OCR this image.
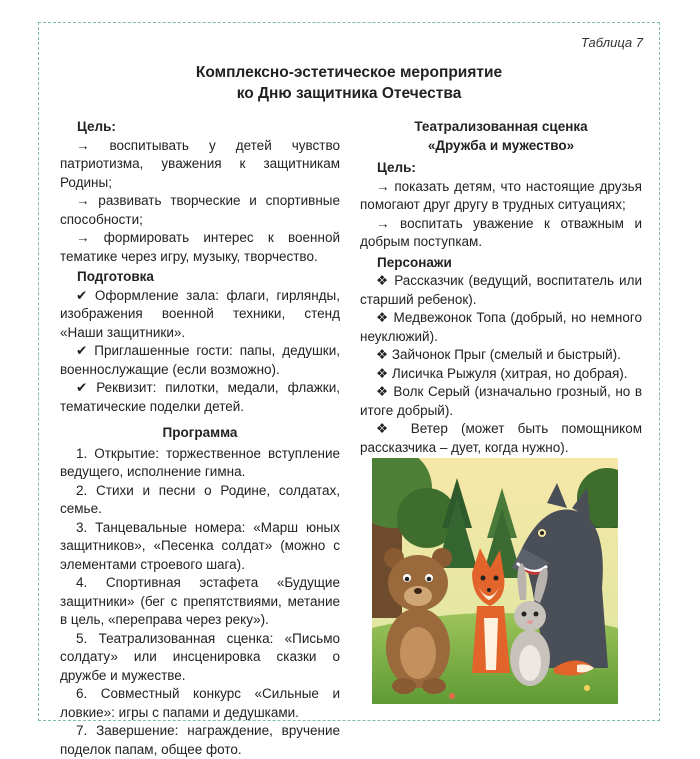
Таблица 7
Комплексно-эстетическое мероприятие
ко Дню защитника Отечества
Цель:

→ воспитывать у детей чувство патриотизма, уважения к защитникам Родины;

→ развивать творческие и спортивные способности;

→ формировать интерес к военной тематике через игру, музыку, творчество.

Подготовка

✔ Оформление зала: флаги, гирлянды, изображения военной техники, стенд «Наши защитники».

✔ Приглашенные гости: папы, дедушки, военнослужащие (если возможно).

✔ Реквизит: пилотки, медали, флажки, тематические поделки детей.

Программа

1. Открытие: торжественное вступление ведущего, исполнение гимна.

2. Стихи и песни о Родине, солдатах, семье.

3. Танцевальные номера: «Марш юных защитников», «Песенка солдат» (можно с элементами строевого шага).

4. Спортивная эстафета «Будущие защитники» (бег с препятствиями, метание в цель, «переправа через реку»).

5. Театрализованная сценка: «Письмо солдату» или инсценировка сказки о дружбе и мужестве.

6. Совместный конкурс «Сильные и ловкие»: игры с папами и дедушками.

7. Завершение: награждение, вручение поделок папам, общее фото.

Театрализованная сценка
«Дружба и мужество»
Цель:

→ показать детям, что настоящие друзья помогают друг другу в трудных ситуациях;

→ воспитать уважение к отважным и добрым поступкам.

Персонажи

❖ Рассказчик (ведущий, воспитатель или старший ребенок).

❖ Медвежонок Топа (добрый, но немного неуклюжий).

❖ Зайчонок Прыг (смелый и быстрый).

❖ Лисичка Рыжуля (хитрая, но добрая).

❖ Волк Серый (изначально грозный, но в итоге добрый).

❖ Ветер (может быть помощником рассказчика – дует, когда нужно).
